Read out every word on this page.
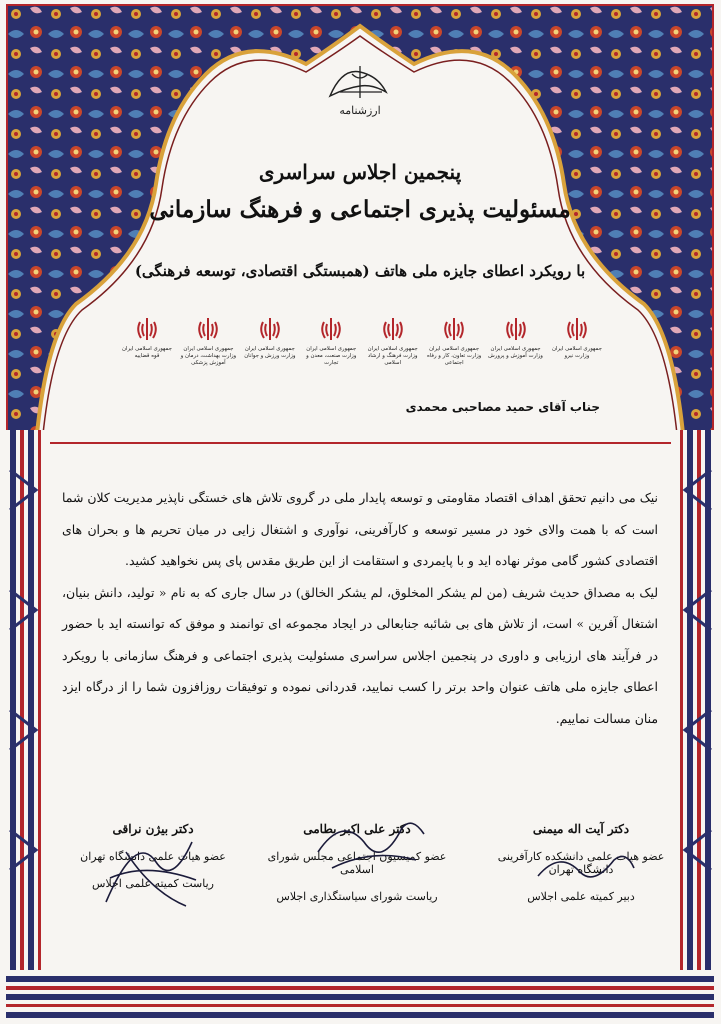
ارزشنامه
پنجمین اجلاس سراسری
مسئولیت پذیری اجتماعی و فرهنگ سازمانی
با رویکرد اعطای جایزه ملی هاتف (همبستگی اقتصادی، توسعه فرهنگی)
جمهوری اسلامی ایران وزارت نیرو
جمهوری اسلامی ایران وزارت آموزش و پرورش
جمهوری اسلامی ایران وزارت تعاون، کار و رفاه اجتماعی
جمهوری اسلامی ایران وزارت فرهنگ و ارشاد اسلامی
جمهوری اسلامی ایران وزارت صنعت، معدن و تجارت
جمهوری اسلامی ایران وزارت ورزش و جوانان
جمهوری اسلامی ایران وزارت بهداشت، درمان و آموزش پزشکی
جمهوری اسلامی ایران قوه قضاییه
جناب آقای حمید مصاحبی محمدی

نیک می دانیم تحقق اهداف اقتصاد مقاومتی و توسعه پایدار ملی در گروی تلاش های خستگی ناپذیر مدیریت کلان شما است که با همت والای خود در مسیر توسعه و کارآفرینی، نوآوری و اشتغال زایی در میان تحریم ها و بحران های اقتصادی کشور گامی موثر نهاده اید و با پایمردی و استقامت از این طریق مقدس پای پس نخواهید کشید.

لیک به مصداق حدیث شریف (من لم یشکر المخلوق، لم یشکر الخالق) در سال جاری که به نام « تولید، دانش بنیان، اشتغال آفرین » است، از تلاش های بی شائبه جنابعالی در ایجاد مجموعه ای توانمند و موفق که توانسته اید با حضور در فرآیند های ارزیابی و داوری در پنجمین اجلاس سراسری مسئولیت پذیری اجتماعی و فرهنگ سازمانی با رویکرد اعطای جایزه ملی هاتف عنوان واحد برتر را کسب نمایید، قدردانی نموده و توفیقات روزافزون شما را از درگاه ایزد منان مسالت نماییم.

دکتر آیت اله میمنی
عضو هیات علمی دانشکده کارآفرینی دانشگاه تهران
دبیر کمیته علمی اجلاس
دکتر علی اکبر بطامی
عضو کمیسیون اجتماعی مجلس شورای اسلامی
ریاست شورای سیاستگذاری اجلاس
دکتر بیژن نراقی
عضو هیات علمی دانشگاه تهران
ریاست کمیته علمی اجلاس
